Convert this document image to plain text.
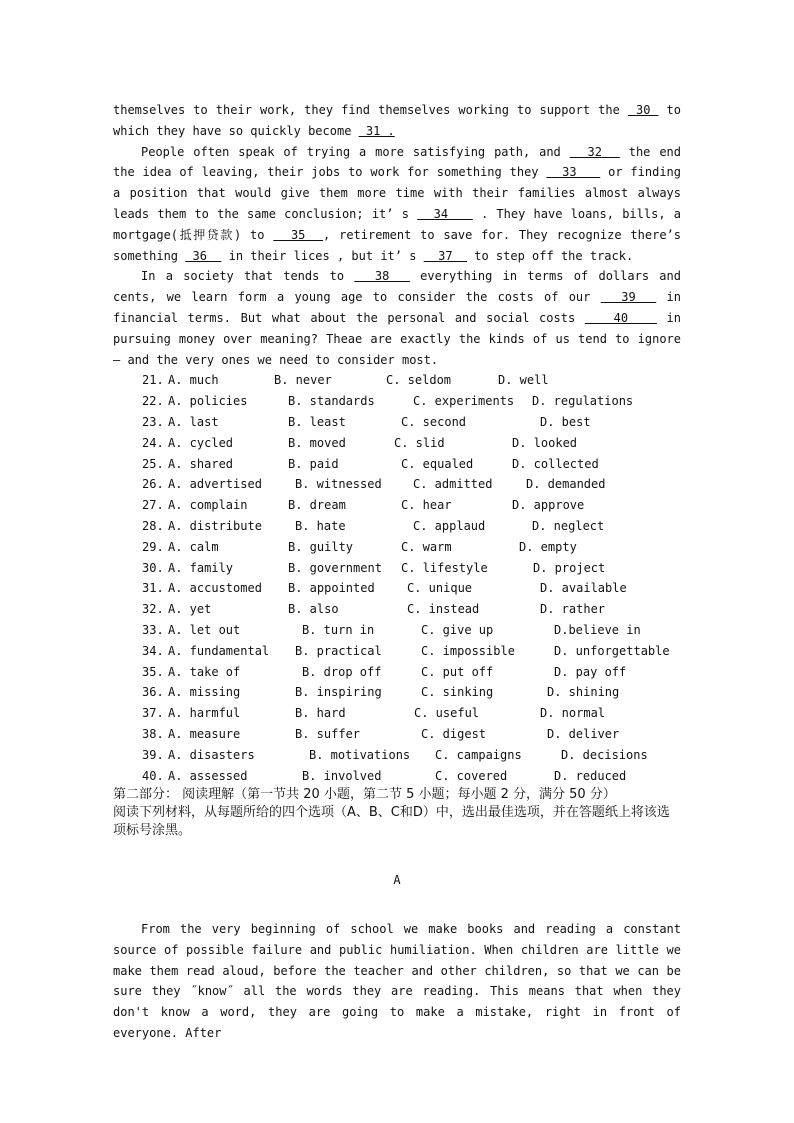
themselves to their work, they find themselves working to support the  30  to which they have so quickly become  31 .
People often speak of trying a more satisfying path, and   32   the end the idea of leaving, their jobs to work for something they   33    or finding a position that would give them more time with their families almost always leads them to the same conclusion; it’ s   34    . They have loans, bills, a mortgage(抵押贷款) to   35  , retirement to save for. They recognize there’s something  36   in their lices , but it’ s   37   to step off the track.
In a society that tends to   38   everything in terms of dollars and cents, we learn form a young age to consider the costs of our   39   in financial terms. But what about the personal and social costs    40    in pursuing money over meaning? Theae are exactly the kinds of us tend to ignore — and the very ones we need to consider most.
21. A. much	B. never	C. seldom	D. well
22. A. policies	B. standards	C. experiments D. regulations
23. A. last	B. least	C. second	D. best
24. A. cycled	B. moved	C. slid	D. looked
25. A. shared	B. paid	C. equaled	D. collected
26. A. advertised	B. witnessed	C. admitted	D. demanded
27. A. complain	B. dream	C. hear	D. approve
28. A. distribute	B. hate	C. applaud	D. neglect
29. A. calm	B. guilty	C. warm	D. empty
30. A. family	B. government C. lifestyle	D. project
31. A. accustomed B. appointed	C. unique	D. available
32. A. yet	B. also	C. instead	D. rather
33. A. let out	B. turn in	C. give up	D.believe in
34. A. fundamental B. practical	C. impossible	D. unforgettable
35. A. take of	B. drop off	C. put off	D. pay off
36. A. missing	B. inspiring	C. sinking	D. shining
37. A. harmful	B. hard	C. useful	D. normal
38. A. measure	B. suffer	C. digest	D. deliver
39. A. disasters	B. motivations C. campaigns	D. decisions
40. A. assessed	B. involved	C. covered	D. reduced
第二部分： 阅读理解（第一节共 20 小题，第二节 5 小题；每小题 2 分，满分 50 分）
阅读下列材料，从每题所给的四个选项（A、B、C和D）中，选出最佳选项，并在答题纸上将该选项标号涂黑。
A
From the very beginning of school we make books and reading a constant source of possible failure and public humiliation. When children are little we make them read aloud, before the teacher and other children, so that we can be sure they ˝know˝ all the words they are reading. This means that when they don't know a word, they are going to make a mistake, right in front of everyone. After
